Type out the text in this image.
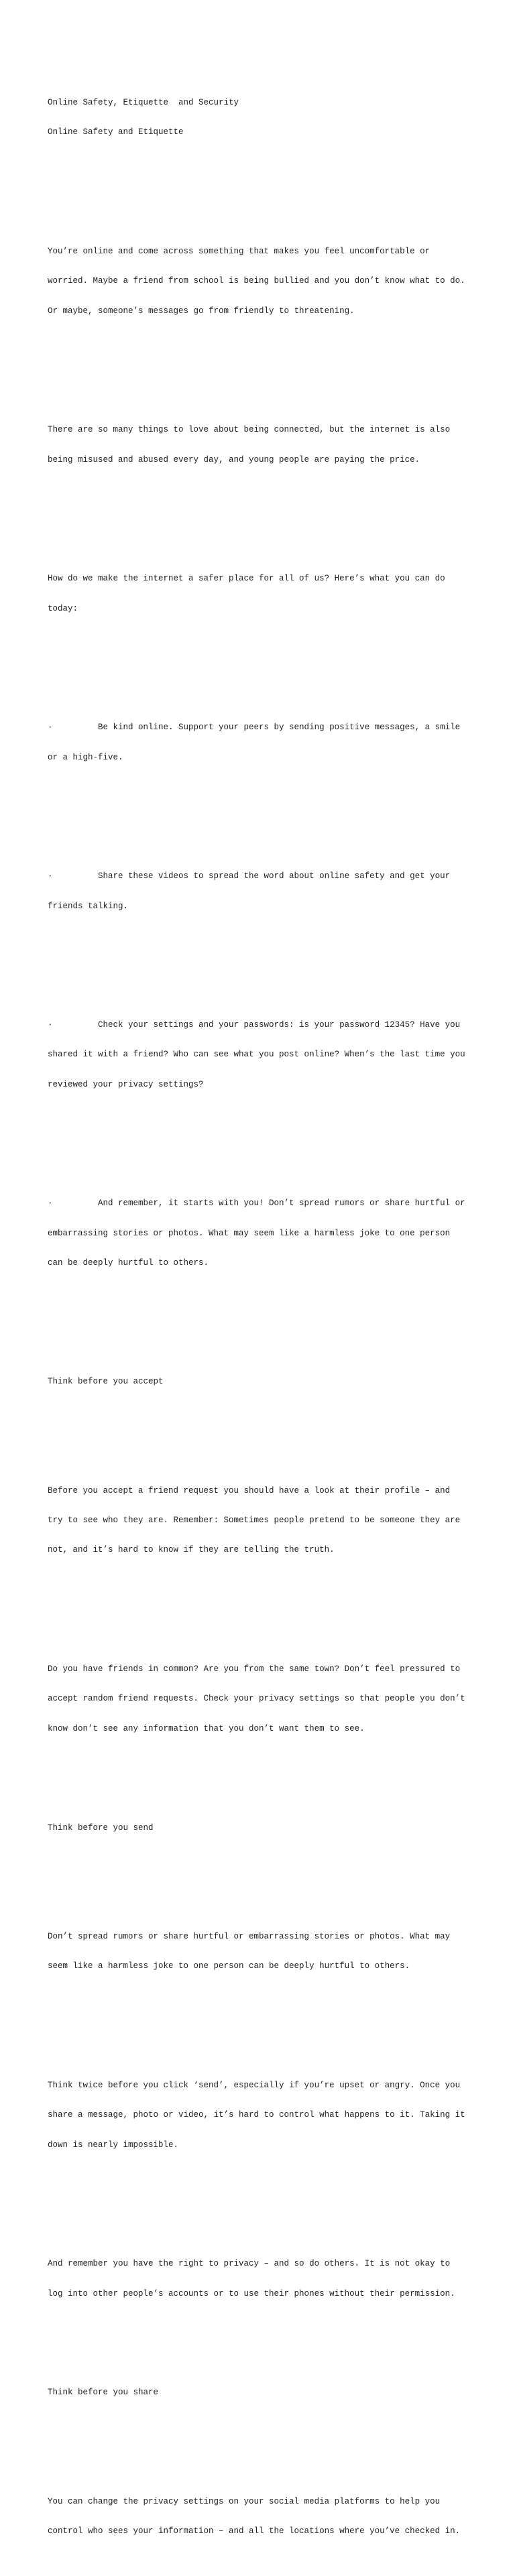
Online Safety, Etiquette  and Security

Online Safety and Etiquette

You’re online and come across something that makes you feel uncomfortable or

worried. Maybe a friend from school is being bullied and you don’t know what to do.

Or maybe, someone’s messages go from friendly to threatening.

There are so many things to love about being connected, but the internet is also

being misused and abused every day, and young people are paying the price.

How do we make the internet a safer place for all of us? Here’s what you can do

today:

·         Be kind online. Support your peers by sending positive messages, a smile

or a high-five.

·         Share these videos to spread the word about online safety and get your

friends talking.

·         Check your settings and your passwords: is your password 12345? Have you

shared it with a friend? Who can see what you post online? When’s the last time you

reviewed your privacy settings?

·         And remember, it starts with you! Don’t spread rumors or share hurtful or

embarrassing stories or photos. What may seem like a harmless joke to one person

can be deeply hurtful to others.

Think before you accept

Before you accept a friend request you should have a look at their profile – and

try to see who they are. Remember: Sometimes people pretend to be someone they are

not, and it’s hard to know if they are telling the truth.

Do you have friends in common? Are you from the same town? Don’t feel pressured to

accept random friend requests. Check your privacy settings so that people you don’t

know don’t see any information that you don’t want them to see.

Think before you send

Don’t spread rumors or share hurtful or embarrassing stories or photos. What may

seem like a harmless joke to one person can be deeply hurtful to others.

Think twice before you click ‘send’, especially if you’re upset or angry. Once you

share a message, photo or video, it’s hard to control what happens to it. Taking it

down is nearly impossible.

And remember you have the right to privacy – and so do others. It is not okay to

log into other people’s accounts or to use their phones without their permission.

Think before you share

You can change the privacy settings on your social media platforms to help you

control who sees your information – and all the locations where you’ve checked in.
